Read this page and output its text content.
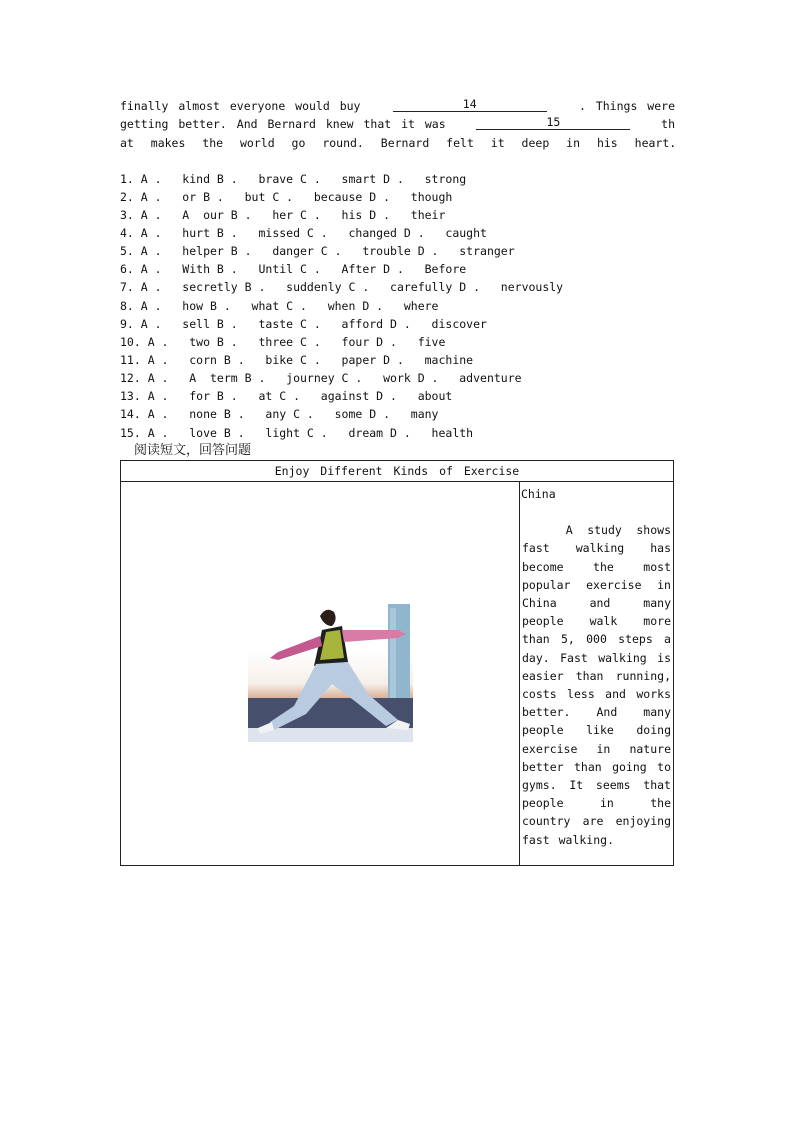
finally almost everyone would buy	14	. Things were
getting better. And Bernard knew that it was	15	th
at makes the world go round. Bernard felt it deep in his heart.
1. A .   kind B .   brave C .   smart D .   strong
2. A .   or B .   but C .   because D .   though
3. A .   A  our B .   her C .   his D .   their
4. A .   hurt B .   missed C .   changed D .   caught
5. A .   helper B .   danger C .   trouble D .   stranger
6. A .   With B .   Until C .   After D .   Before
7. A .   secretly B .   suddenly C .   carefully D .   nervously
8. A .   how B .   what C .   when D .   where
9. A .   sell B .   taste C .   afford D .   discover
10. A .   two B .   three C .   four D .   five
11. A .   corn B .   bike C .   paper D .   machine
12. A .   A  term B .   journey C .   work D .   adventure
13. A .   for B .   at C .   against D .   about
14. A .   none B .   any C .   some D .   many
15. A .   love B .   light C .   dream D .   health
阅读短文，回答问题
Enjoy Different Kinds of Exercise

China
A study shows fast walking has become the most popular exercise in China and many people walk more than 5, 000 steps a day. Fast walking is easier than running, costs less and works better. And many people like doing exercise in nature better than going to gyms. It seems that people in the country are enjoying fast walking.
